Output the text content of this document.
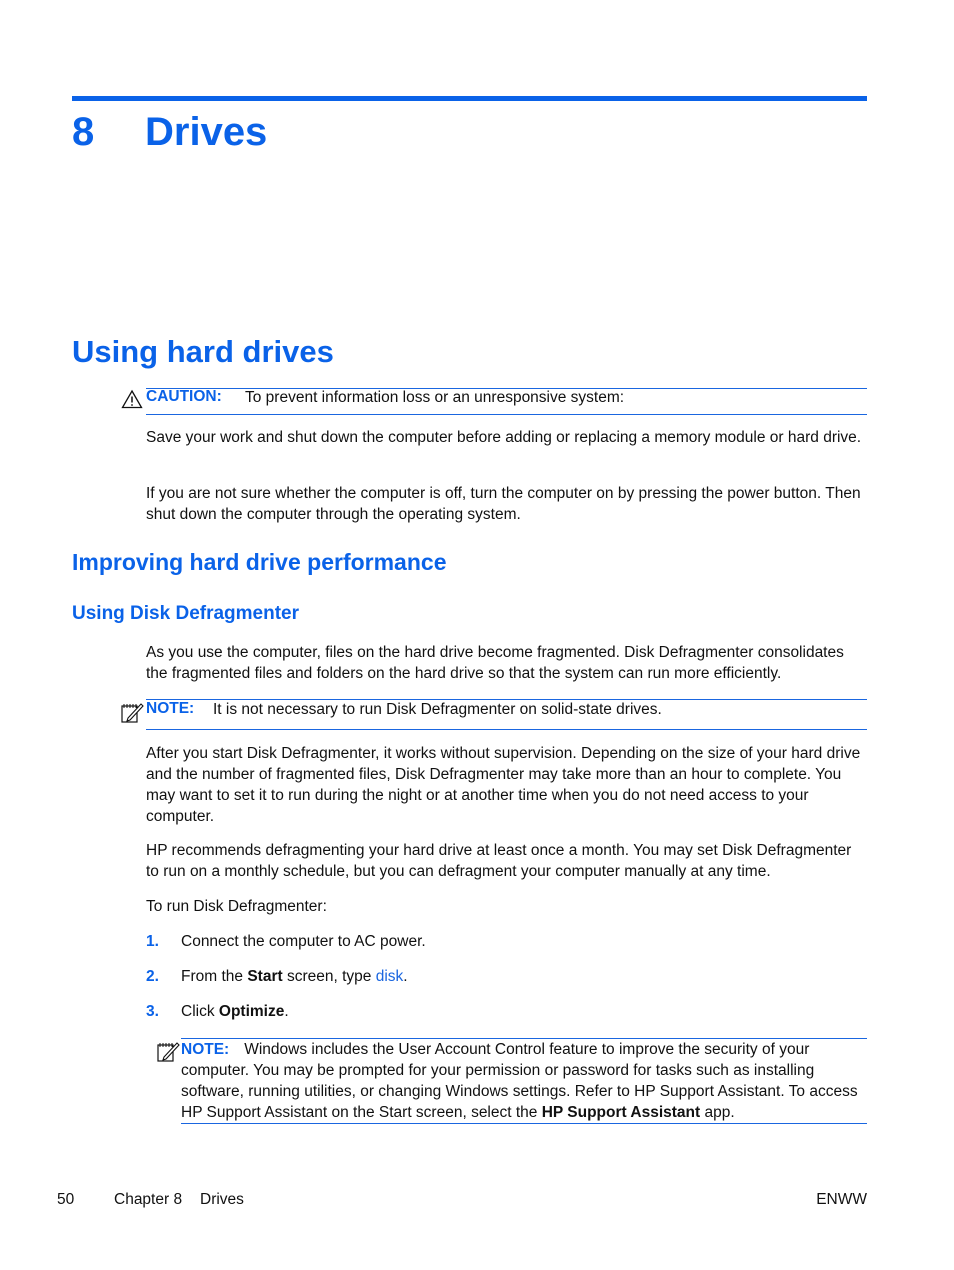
8 Drives
Using hard drives
CAUTION: To prevent information loss or an unresponsive system:
Save your work and shut down the computer before adding or replacing a memory module or hard drive.
If you are not sure whether the computer is off, turn the computer on by pressing the power button. Then shut down the computer through the operating system.
Improving hard drive performance
Using Disk Defragmenter
As you use the computer, files on the hard drive become fragmented. Disk Defragmenter consolidates the fragmented files and folders on the hard drive so that the system can run more efficiently.
NOTE: It is not necessary to run Disk Defragmenter on solid-state drives.
After you start Disk Defragmenter, it works without supervision. Depending on the size of your hard drive and the number of fragmented files, Disk Defragmenter may take more than an hour to complete. You may want to set it to run during the night or at another time when you do not need access to your computer.
HP recommends defragmenting your hard drive at least once a month. You may set Disk Defragmenter to run on a monthly schedule, but you can defragment your computer manually at any time.
To run Disk Defragmenter:
1. Connect the computer to AC power.
2. From the Start screen, type disk.
3. Click Optimize.
NOTE: Windows includes the User Account Control feature to improve the security of your computer. You may be prompted for your permission or password for tasks such as installing software, running utilities, or changing Windows settings. Refer to HP Support Assistant. To access HP Support Assistant on the Start screen, select the HP Support Assistant app.
50	Chapter 8 Drives	ENWW
